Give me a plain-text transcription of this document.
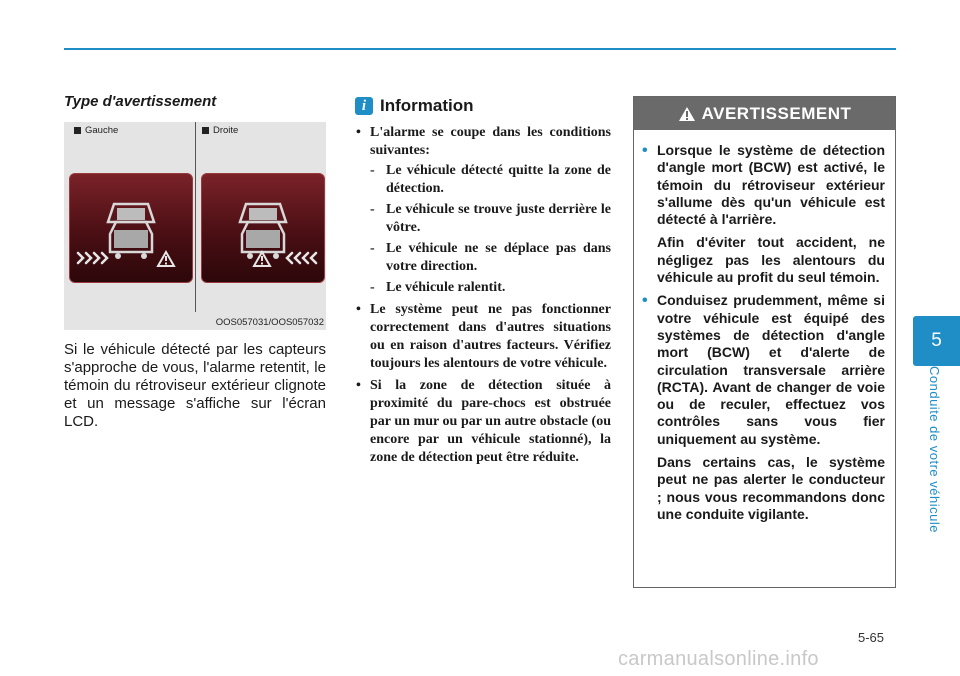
Type d'avertissement
Gauche	Droite
OOS057031/OOS057032

Si le véhicule détecté par les capteurs s'approche de vous, l'alarme retentit, le témoin du rétroviseur extérieur clignote et un message s'affiche sur l'écran LCD.

i Information
• L'alarme se coupe dans les conditions suivantes:
- Le véhicule détecté quitte la zone de détection.
- Le véhicule se trouve juste derrière le vôtre.
- Le véhicule ne se déplace pas dans votre direction.
- Le véhicule ralentit.
• Le système peut ne pas fonctionner correctement dans d'autres situations ou en raison d'autres facteurs. Vérifiez toujours les alentours de votre véhicule.
• Si la zone de détection située à proximité du pare-chocs est obstruée par un mur ou par un autre obstacle (ou encore par un véhicule stationné), la zone de détection peut être réduite.
AVERTISSEMENT

• Lorsque le système de détection d'angle mort (BCW) est activé, le témoin du rétroviseur extérieur s'allume dès qu'un véhicule est détecté à l'arrière.

Afin d'éviter tout accident, ne négligez pas les alentours du véhicule au profit du seul témoin.

• Conduisez prudemment, même si votre véhicule est équipé des systèmes de détection d'angle mort (BCW) et d'alerte de circulation transversale arrière (RCTA). Avant de changer de voie ou de reculer, effectuez vos contrôles sans vous fier uniquement au système.

Dans certains cas, le système peut ne pas alerter le conducteur ; nous vous recommandons donc une conduite vigilante.

5
Conduite de votre véhicule
5-65
carmanualsonline.info
